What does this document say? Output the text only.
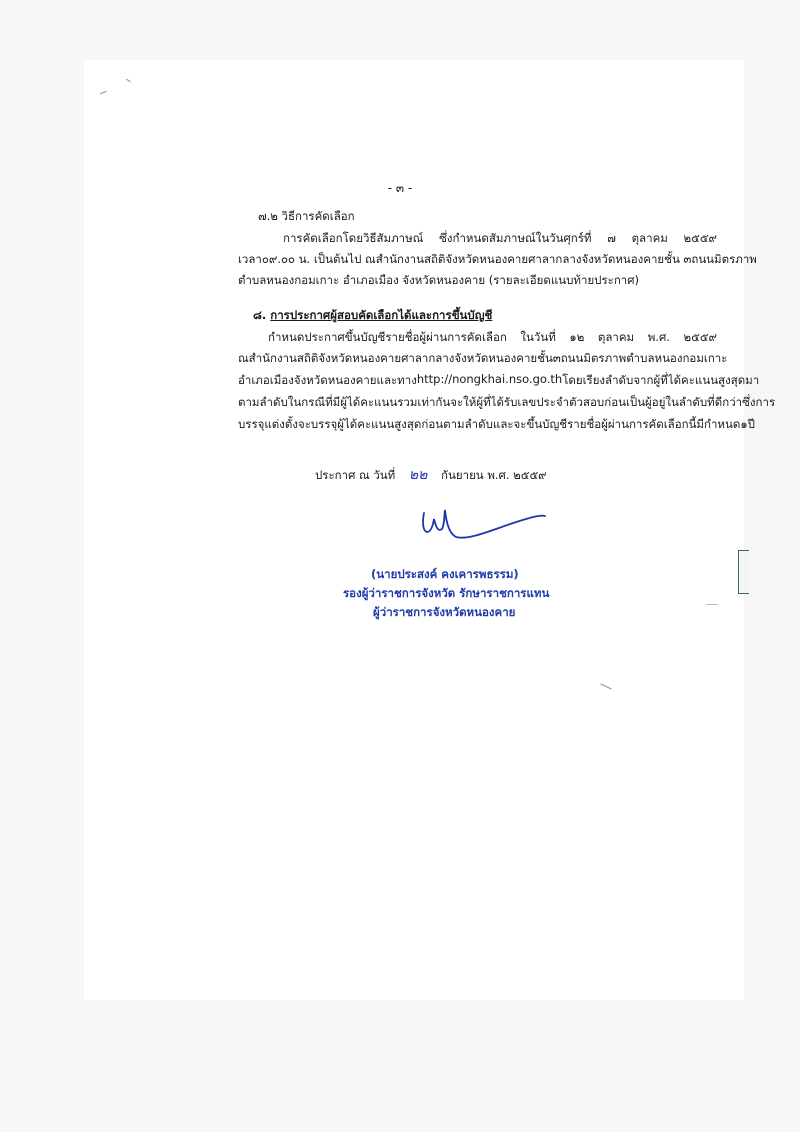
- ๓ -
๗.๒ วิธีการคัดเลือก
การคัดเลือกโดยวิธีสัมภาษณ์ ซึ่งกำหนดสัมภาษณ์ในวันศุกร์ที่ ๗ ตุลาคม ๒๕๕๙
เวลา ๐๙.๐๐ น. เป็นต้นไป ณ สำนักงานสถิติจังหวัดหนองคาย ศาลากลางจังหวัดหนองคาย ชั้น ๓ ถนนมิตรภาพ
ตำบลหนองกอมเกาะ อำเภอเมือง จังหวัดหนองคาย (รายละเอียดแนบท้ายประกาศ)
๘. การประกาศผู้สอบคัดเลือกได้และการขึ้นบัญชี
กำหนดประกาศขึ้นบัญชีรายชื่อผู้ผ่านการคัดเลือก ในวันที่ ๑๒ ตุลาคม พ.ศ. ๒๕๕๙
ณ สำนักงานสถิติจังหวัดหนองคาย ศาลากลางจังหวัดหนองคาย ชั้น ๓ ถนนมิตรภาพ ตำบลหนองกอมเกาะ
อำเภอเมือง จังหวัดหนองคาย และทาง http://nongkhai.nso.go.th โดยเรียงลำดับจากผู้ที่ได้คะแนนสูงสุดมา
ตามลำดับ ในกรณีที่มีผู้ได้คะแนนรวมเท่ากันจะให้ผู้ที่ได้รับเลขประจำตัวสอบก่อนเป็นผู้อยู่ในลำดับที่ดีกว่า ซึ่งการ
บรรจุแต่งตั้งจะบรรจุผู้ได้คะแนนสูงสุดก่อน ตามลำดับ และจะขึ้นบัญชีรายชื่อผู้ผ่านการคัดเลือกนี้มีกำหนด ๑ ปี
ประกาศ ณ วันที่ ๒๒ กันยายน พ.ศ. ๒๕๕๙
(นายประสงค์ คงเคารพธรรม)
รองผู้ว่าราชการจังหวัด รักษาราชการแทน
ผู้ว่าราชการจังหวัดหนองคาย
